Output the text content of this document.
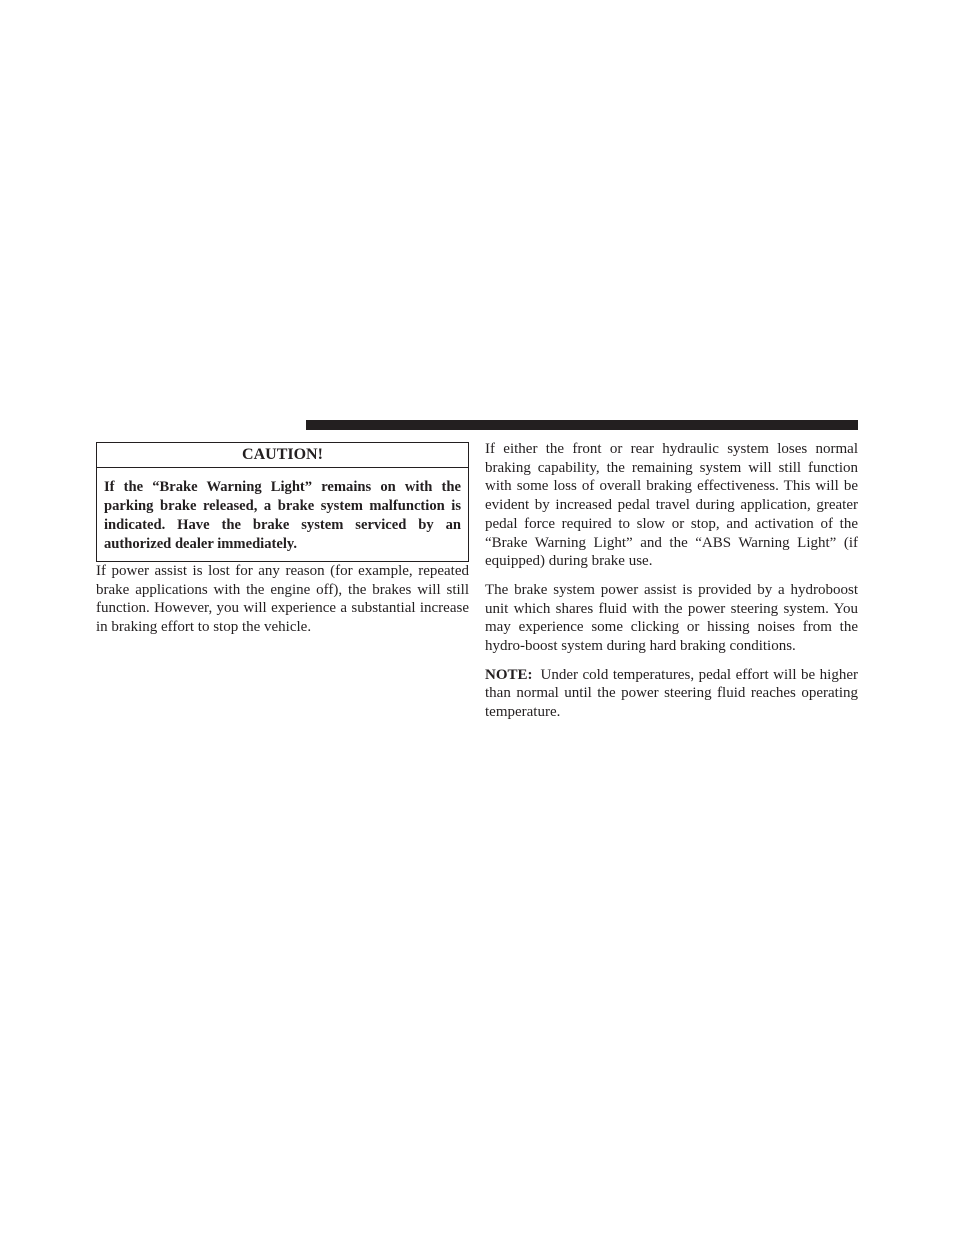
CAUTION!
If the “Brake Warning Light” remains on with the parking brake released, a brake system malfunction is indicated. Have the brake system serviced by an authorized dealer immediately.

If power assist is lost for any reason (for example, repeated brake applications with the engine off), the brakes will still function. However, you will experience a substantial increase in braking effort to stop the vehicle.

If either the front or rear hydraulic system loses normal braking capability, the remaining system will still function with some loss of overall braking effectiveness. This will be evident by increased pedal travel during application, greater pedal force required to slow or stop, and activation of the “Brake Warning Light” and the “ABS Warning Light” (if equipped) during brake use.

The brake system power assist is provided by a hydroboost unit which shares fluid with the power steering system. You may experience some clicking or hissing noises from the hydro-boost system during hard braking conditions.

NOTE: Under cold temperatures, pedal effort will be higher than normal until the power steering fluid reaches operating temperature.
